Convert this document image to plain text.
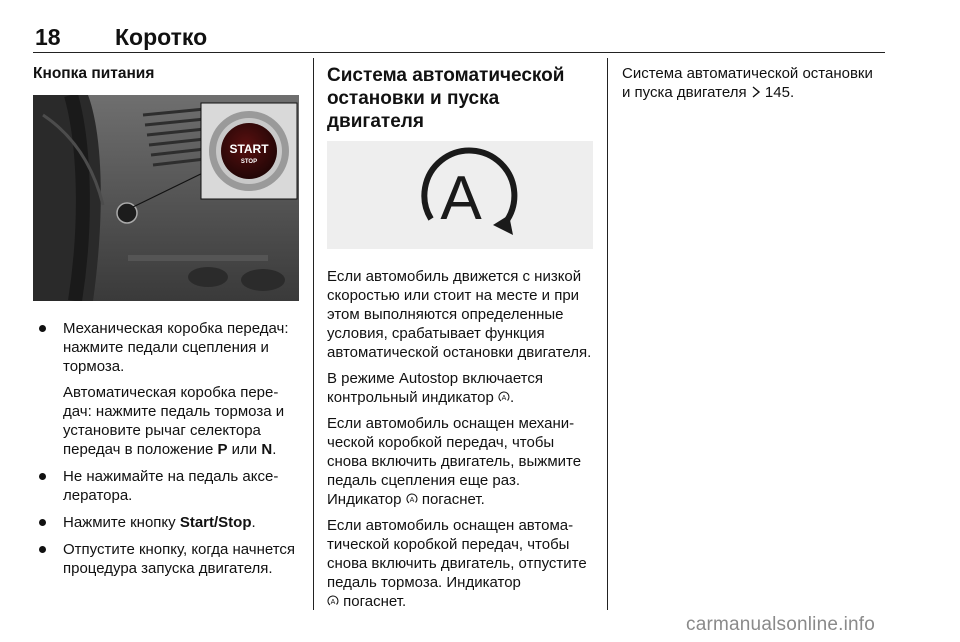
18 Коротко
Кнопка питания
START
STOP
Механическая коробка передач: нажмите педали сцепления и тормоза.
Автоматическая коробка передач: нажмите педаль тормоза и установите рычаг селектора передач в положение P или N.
Не нажимайте на педаль акселератора.
Нажмите кнопку Start/Stop.
Отпустите кнопку, когда начнется процедура запуска двигателя.
Система автоматической остановки и пуска двигателя
A

Если автомобиль движется с низкой скоростью или стоит на месте и при этом выполняются определенные условия, срабатывает функция автоматической остановки двигателя.

В режиме Autostop включается контрольный индикатор A .

Если автомобиль оснащен механической коробкой передач, чтобы снова включить двигатель, выжмите педаль сцепления еще раз. Индикатор A погаснет.

Если автомобиль оснащен автоматической коробкой передач, чтобы снова включить двигатель, отпустите педаль тормоза. Индикатор

A погаснет.

Система автоматической остановки и пуска двигателя  145.

carmanualsonline.info
